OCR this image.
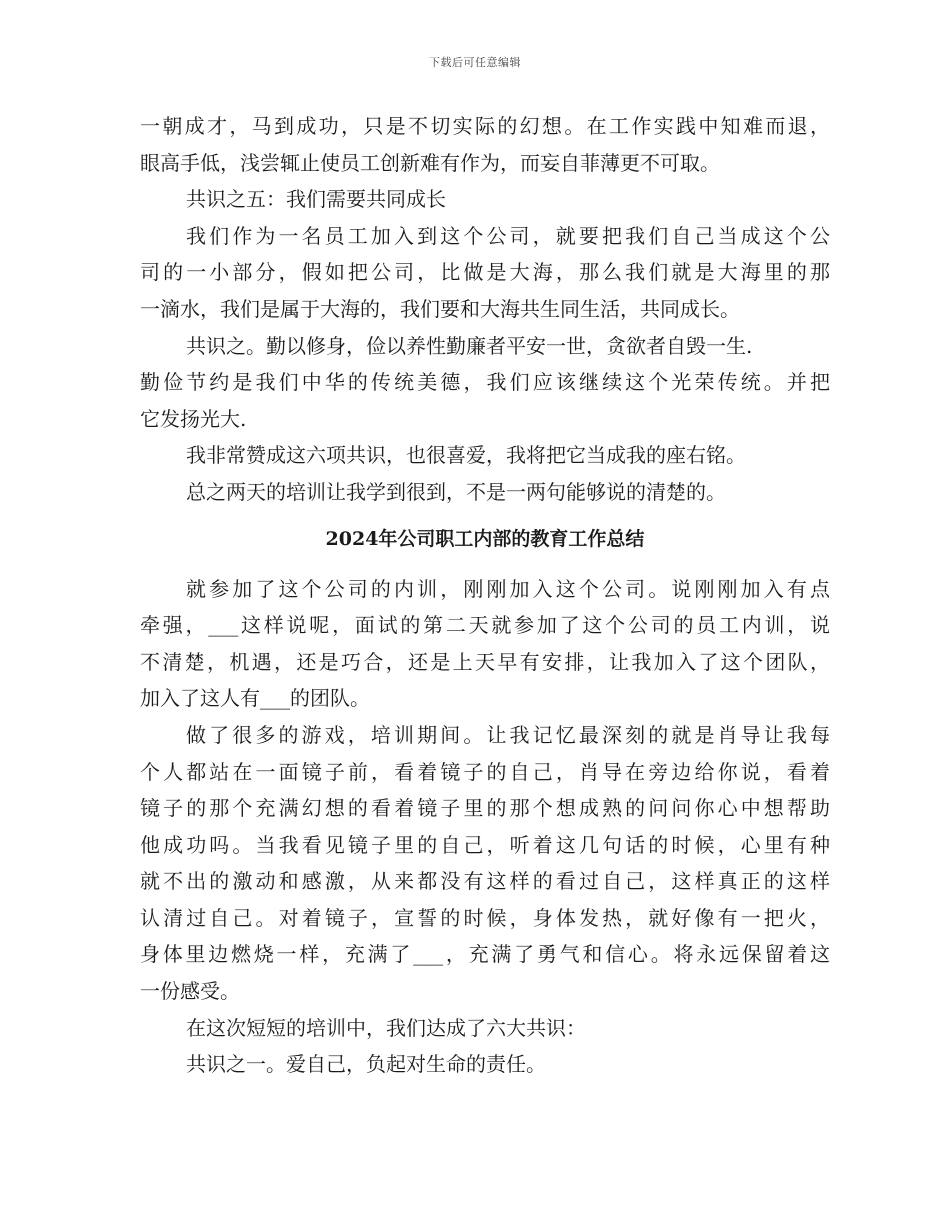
下载后可任意编辑
一朝成才，马到成功，只是不切实际的幻想。在工作实践中知难而退，
眼高手低，浅尝辄止使员工创新难有作为，而妄自菲薄更不可取。
共识之五：我们需要共同成长
我们作为一名员工加入到这个公司，就要把我们自己当成这个公
司的一小部分，假如把公司，比做是大海，那么我们就是大海里的那
一滴水，我们是属于大海的，我们要和大海共生同生活，共同成长。
共识之。勤以修身，俭以养性勤廉者平安一世，贪欲者自毁一生.
勤俭节约是我们中华的传统美德，我们应该继续这个光荣传统。并把
它发扬光大.
我非常赞成这六项共识，也很喜爱，我将把它当成我的座右铭。
总之两天的培训让我学到很到，不是一两句能够说的清楚的。
2024年公司职工内部的教育工作总结
就参加了这个公司的内训，刚刚加入这个公司。说刚刚加入有点
牵强，___这样说呢，面试的第二天就参加了这个公司的员工内训，说
不清楚，机遇，还是巧合，还是上天早有安排，让我加入了这个团队，
加入了这人有___的团队。
做了很多的游戏，培训期间。让我记忆最深刻的就是肖导让我每
个人都站在一面镜子前，看着镜子的自己，肖导在旁边给你说，看着
镜子的那个充满幻想的看着镜子里的那个想成熟的问问你心中想帮助
他成功吗。当我看见镜子里的自己，听着这几句话的时候，心里有种
就不出的激动和感激，从来都没有这样的看过自己，这样真正的这样
认清过自己。对着镜子，宣誓的时候，身体发热，就好像有一把火，
身体里边燃烧一样，充满了___，充满了勇气和信心。将永远保留着这
一份感受。
在这次短短的培训中，我们达成了六大共识：
共识之一。爱自己，负起对生命的责任。
